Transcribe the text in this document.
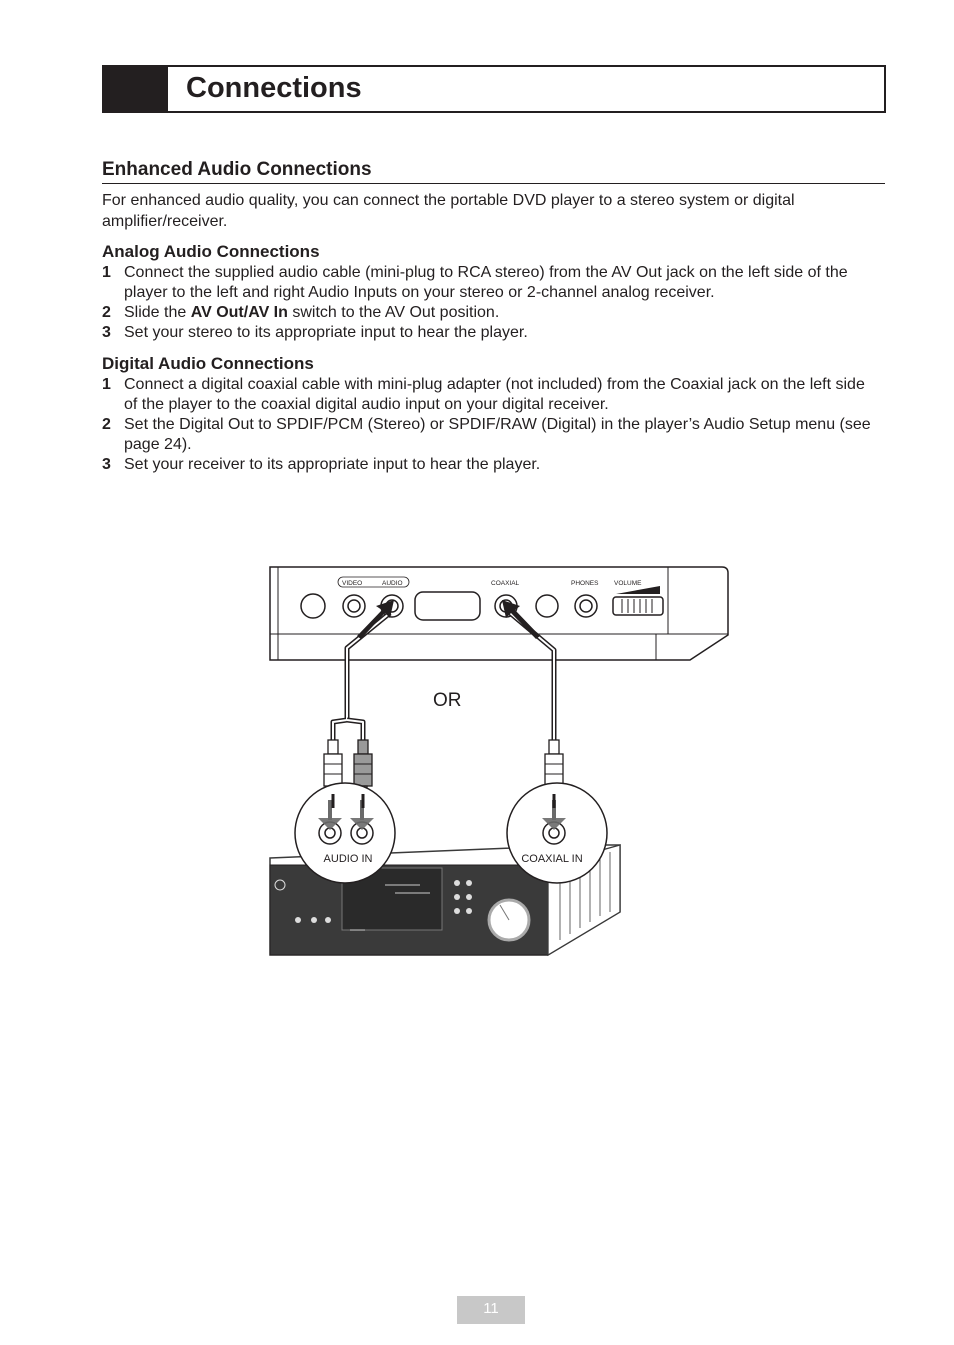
Connections
Enhanced Audio Connections
For enhanced audio quality, you can connect the portable DVD player to a stereo system or digital amplifier/receiver.
Analog Audio Connections
1 Connect the supplied audio cable (mini-plug to RCA stereo) from the AV Out jack on the left side of the player to the left and right Audio Inputs on your stereo or 2-channel analog receiver.
2 Slide the AV Out/AV In switch to the AV Out position.
3 Set your stereo to its appropriate input to hear the player.
Digital Audio Connections
1 Connect a digital coaxial cable with mini-plug adapter (not included) from the Coaxial jack on the left side of the player to the coaxial digital audio input on your digital receiver.
2 Set the Digital Out to SPDIF/PCM (Stereo) or SPDIF/RAW (Digital) in the player’s Audio Setup menu (see page 24).
3 Set your receiver to its appropriate input to hear the player.
VIDEO	AUDIO	COAXIAL	PHONES VOLUME
OR
AUDIO IN	COAXIAL IN
11
